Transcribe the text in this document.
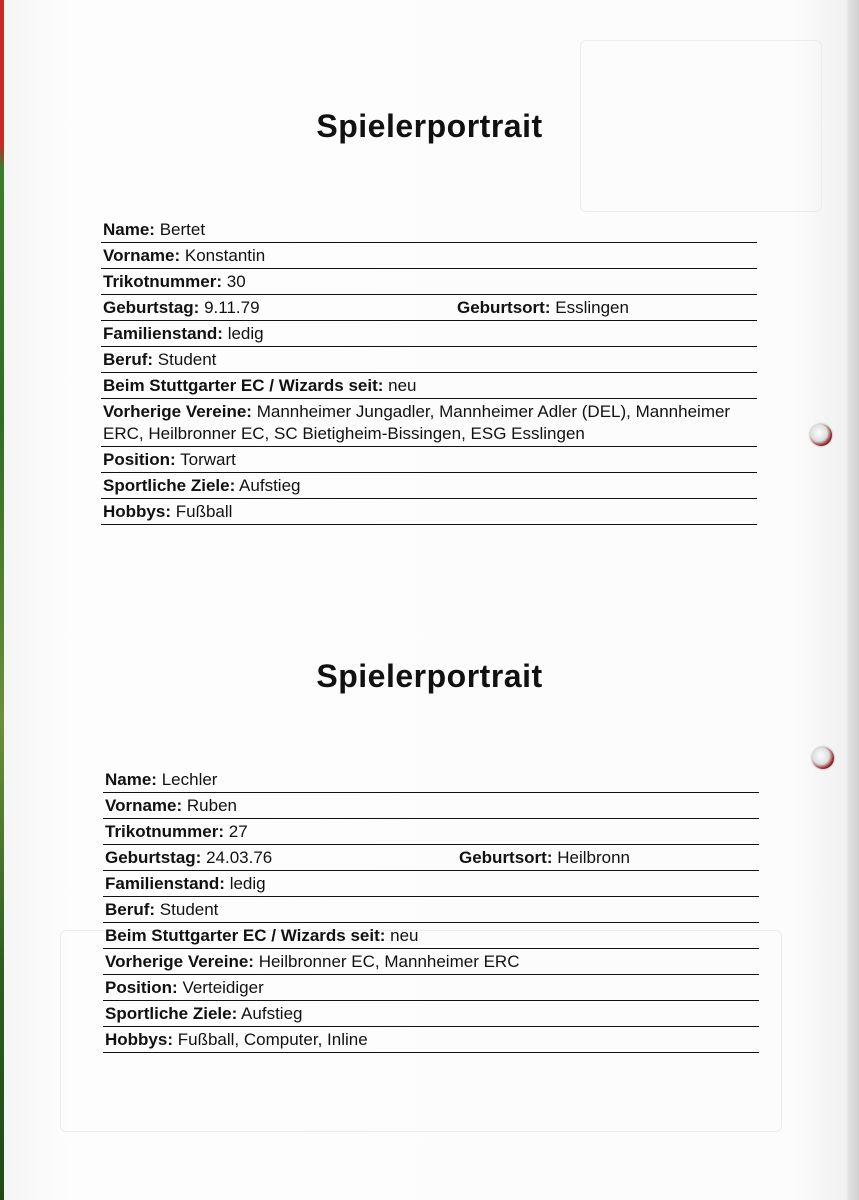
Spielerportrait
Name: Bertet
Vorname: Konstantin
Trikotnummer: 30
Geburtstag: 9.11.79	Geburtsort: Esslingen
Familienstand: ledig
Beruf: Student
Beim Stuttgarter EC / Wizards seit: neu
Vorherige Vereine: Mannheimer Jungadler, Mannheimer Adler (DEL), Mannheimer ERC, Heilbronner EC, SC Bietigheim-Bissingen, ESG Esslingen
Position: Torwart
Sportliche Ziele: Aufstieg
Hobbys: Fußball
Spielerportrait
Name: Lechler
Vorname: Ruben
Trikotnummer: 27
Geburtstag: 24.03.76	Geburtsort: Heilbronn
Familienstand: ledig
Beruf: Student
Beim Stuttgarter EC / Wizards seit: neu
Vorherige Vereine: Heilbronner EC, Mannheimer ERC
Position: Verteidiger
Sportliche Ziele: Aufstieg
Hobbys: Fußball, Computer, Inline
